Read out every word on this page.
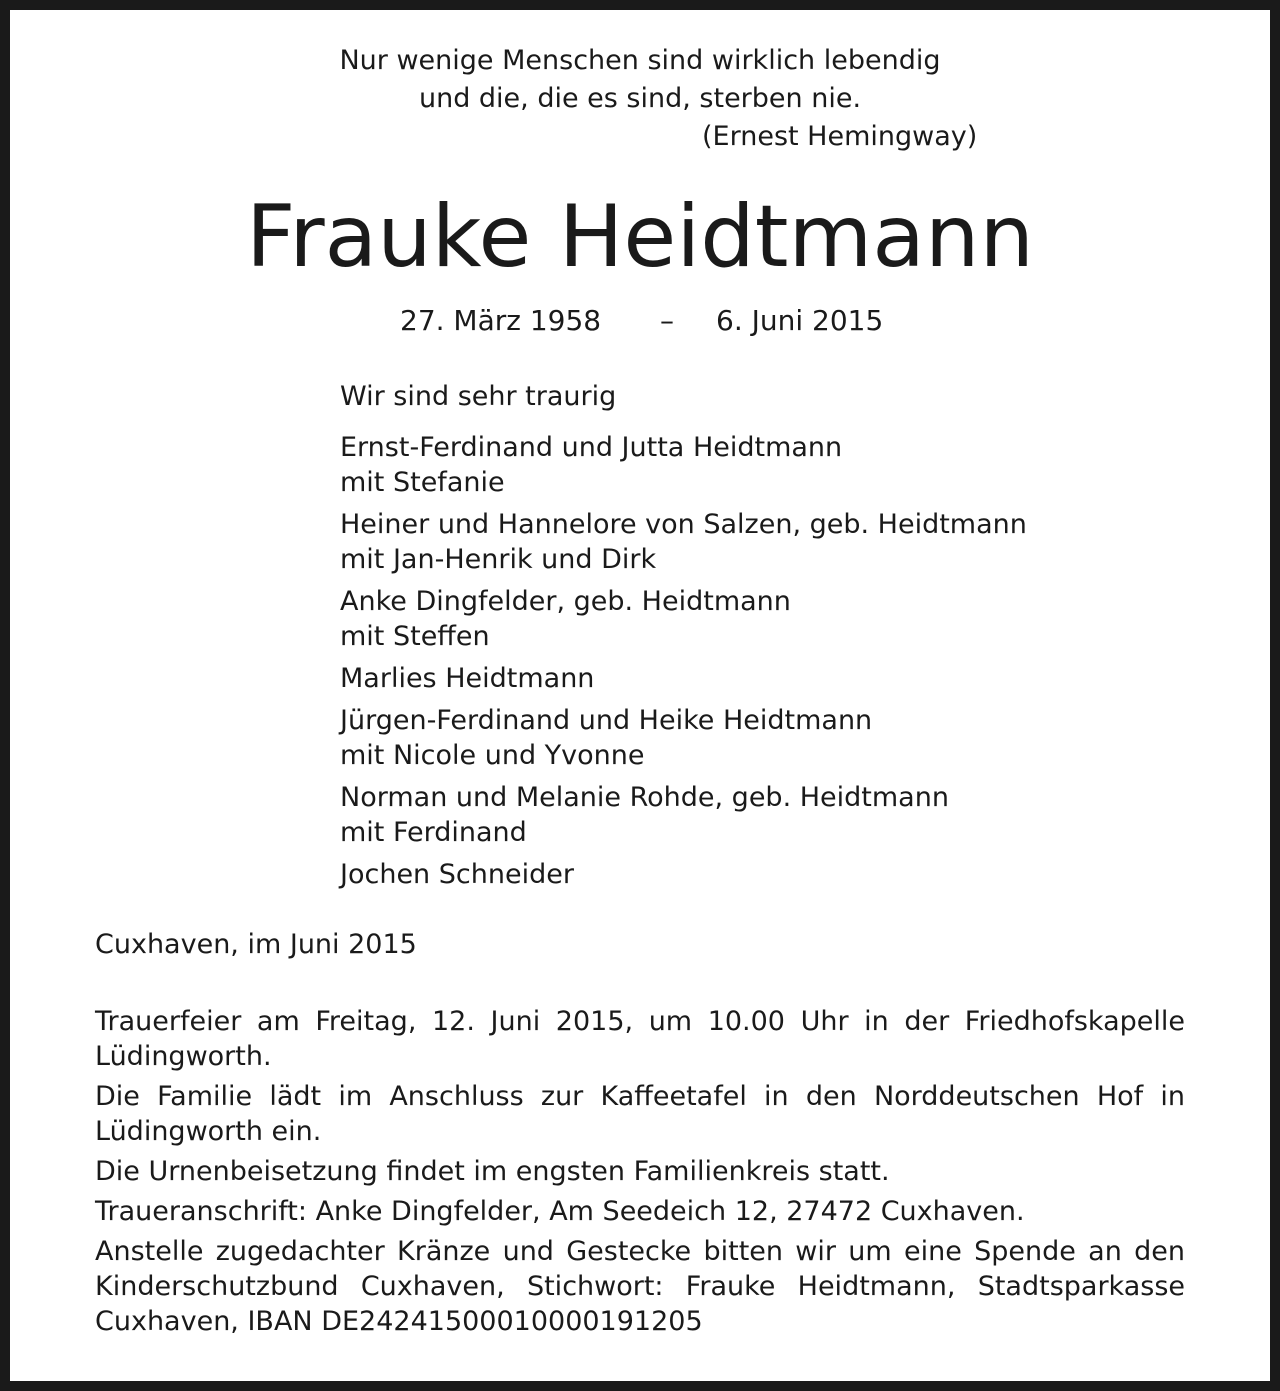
Nur wenige Menschen sind wirklich lebendig
und die, die es sind, sterben nie.
(Ernest Hemingway)
Frauke Heidtmann
27. März 1958 – 6. Juni 2015
Wir sind sehr traurig
Ernst-Ferdinand und Jutta Heidtmann
mit Stefanie
Heiner und Hannelore von Salzen, geb. Heidtmann
mit Jan-Henrik und Dirk
Anke Dingfelder, geb. Heidtmann
mit Steffen
Marlies Heidtmann
Jürgen-Ferdinand und Heike Heidtmann
mit Nicole und Yvonne
Norman und Melanie Rohde, geb. Heidtmann
mit Ferdinand
Jochen Schneider
Cuxhaven, im Juni 2015

Trauerfeier am Freitag, 12. Juni 2015, um 10.00 Uhr in der Friedhofskapelle Lüdingworth.

Die Familie lädt im Anschluss zur Kaffeetafel in den Norddeutschen Hof in Lüdingworth ein.

Die Urnenbeisetzung findet im engsten Familienkreis statt.

Traueranschrift: Anke Dingfelder, Am Seedeich 12, 27472 Cuxhaven.

Anstelle zugedachter Kränze und Gestecke bitten wir um eine Spende an den Kinderschutzbund Cuxhaven, Stichwort: Frauke Heidtmann, Stadtsparkasse Cuxhaven, IBAN DE24241500010000191205
